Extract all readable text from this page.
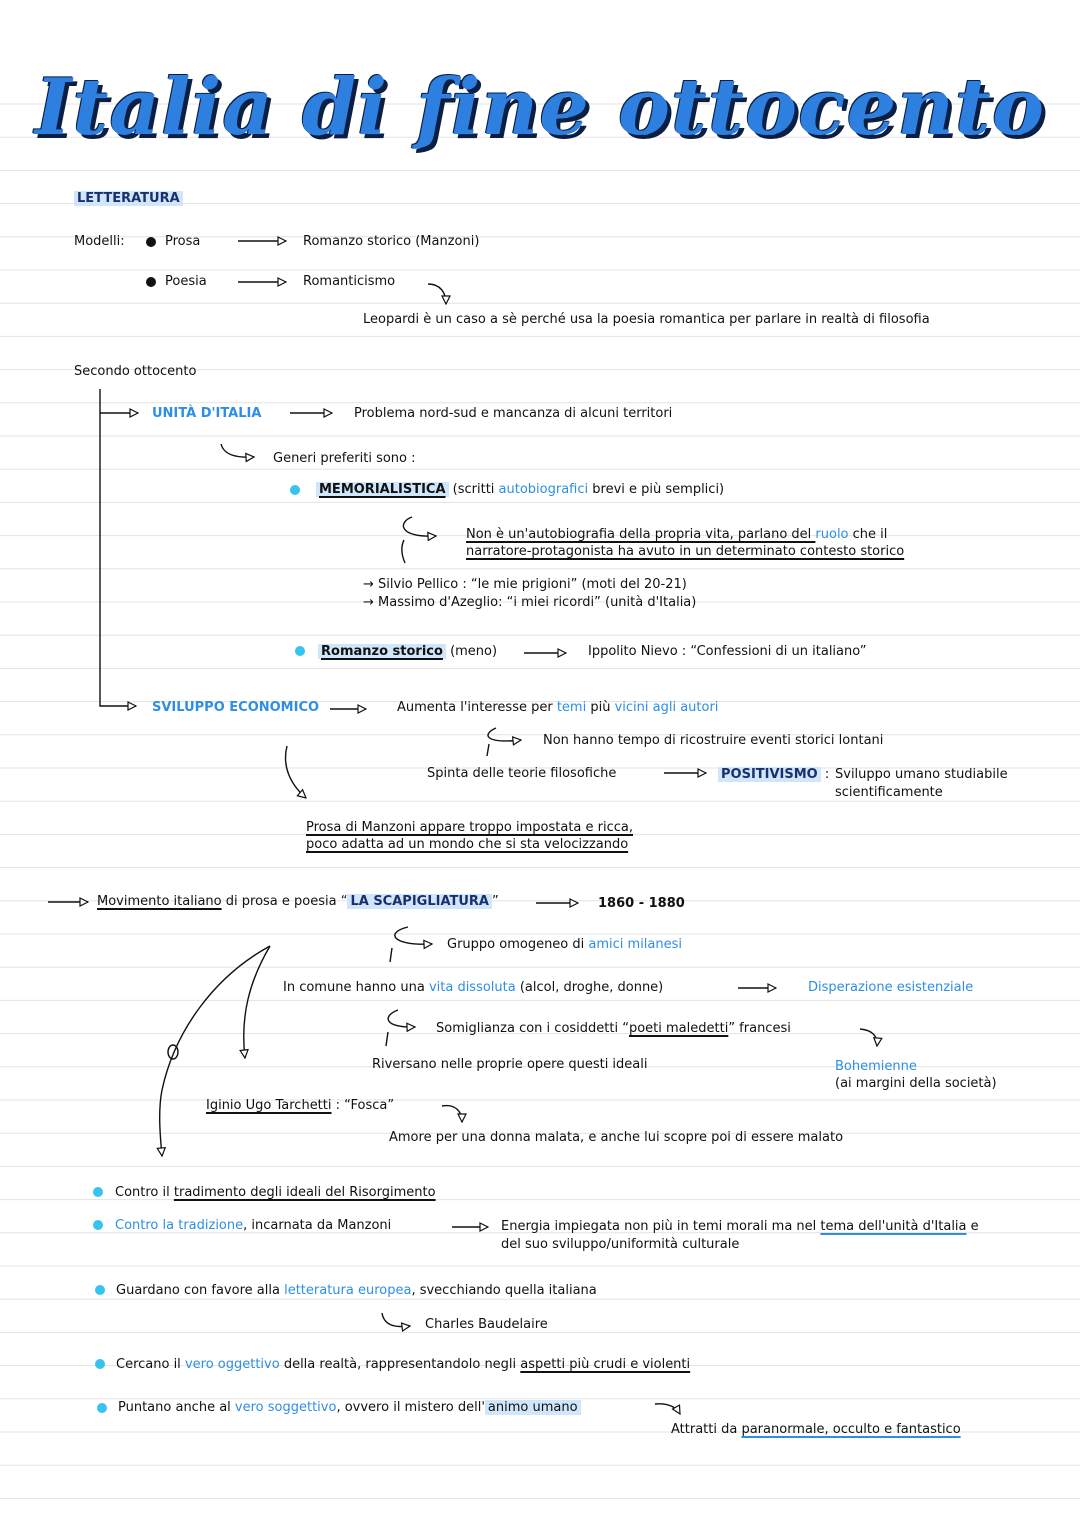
Italia di fine ottocento
LETTERATURA
Modelli:	Prosa	Romanzo storico (Manzoni)
Poesia	Romanticismo
Leopardi è un caso a sè perché usa la poesia romantica per parlare in realtà di filosofia
Secondo ottocento
UNITÀ D'ITALIA	Problema nord-sud e mancanza di alcuni territori
Generi preferiti sono :
MEMORIALISTICA (scritti autobiografici brevi e più semplici)
Non è un'autobiografia della propria vita, parlano del ruolo che il
narratore-protagonista ha avuto in un determinato contesto storico
→ Silvio Pellico : “le mie prigioni” (moti del 20-21)
→ Massimo d'Azeglio: “i miei ricordi” (unità d'Italia)
Romanzo storico (meno)	Ippolito Nievo : “Confessioni di un italiano”
SVILUPPO ECONOMICO	Aumenta l'interesse per temi più vicini agli autori
Non hanno tempo di ricostruire eventi storici lontani
Spinta delle teorie filosofiche	POSITIVISMO : Sviluppo umano studiabile
scientificamente
Prosa di Manzoni appare troppo impostata e ricca,
poco adatta ad un mondo che si sta velocizzando
Movimento italiano di prosa e poesia “ LA SCAPIGLIATURA ”	1860 - 1880
Gruppo omogeneo di amici milanesi
In comune hanno una vita dissoluta (alcol, droghe, donne)	Disperazione esistenziale
Somiglianza con i cosiddetti “poeti maledetti” francesi
Riversano nelle proprie opere questi ideali	Bohemienne
(ai margini della società)
Iginio Ugo Tarchetti : “Fosca”
Amore per una donna malata, e anche lui scopre poi di essere malato
Contro il tradimento degli ideali del Risorgimento
Contro la tradizione, incarnata da Manzoni	Energia impiegata non più in temi morali ma nel tema dell'unità d'Italia e
del suo sviluppo/uniformità culturale
Guardano con favore alla letteratura europea, svecchiando quella italiana
Charles Baudelaire
Cercano il vero oggettivo della realtà, rappresentandolo negli aspetti più crudi e violenti
Puntano anche al vero soggettivo, ovvero il mistero dell' animo umano
Attratti da paranormale, occulto e fantastico
